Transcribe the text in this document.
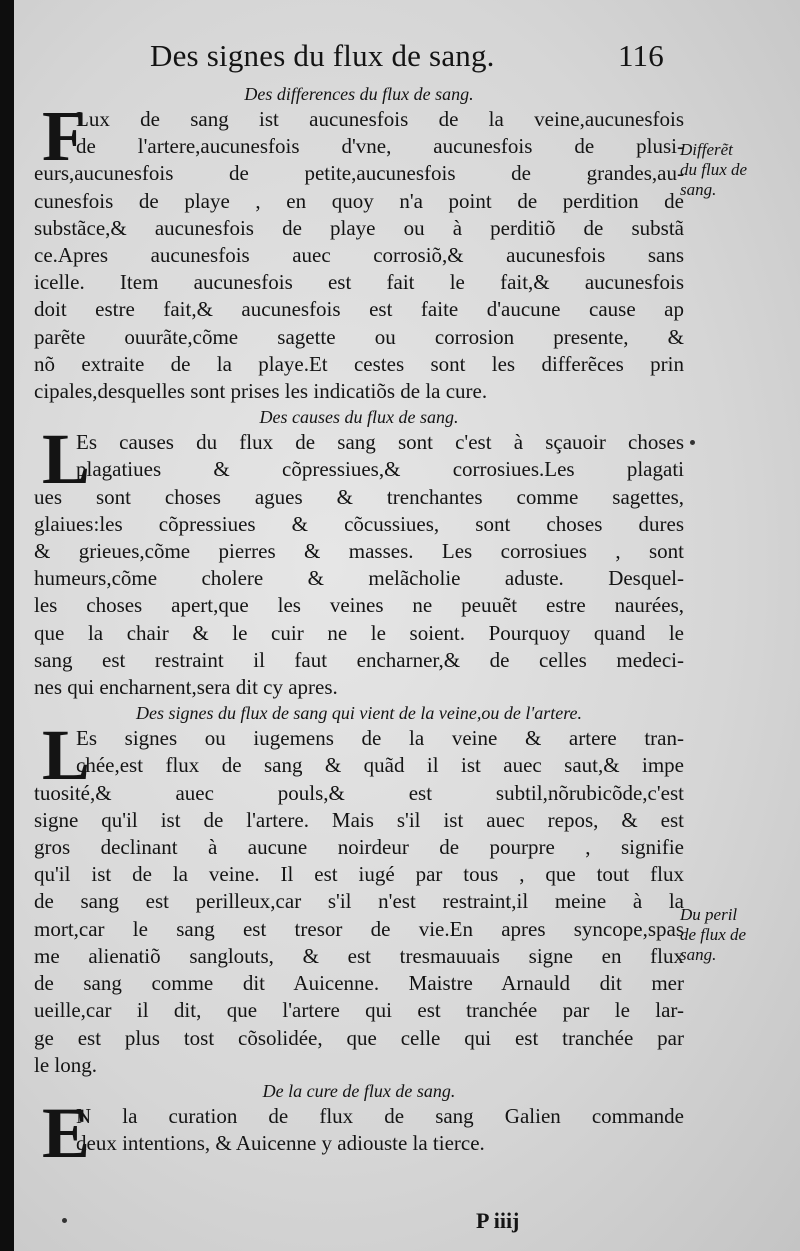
Des signes du flux de sang.	116
Des differences du flux de sang.
F
Lux de sang ist aucunesfois de la veine,aucunesfois
de l'artere,aucunesfois d'vne, aucunesfois de plusi-
eurs,aucunesfois de petite,aucunesfois de grandes,au-
cunesfois de playe , en quoy n'a point de perdition de
substãce,& aucunesfois de playe ou à perditiõ de substã
ce.Apres aucunesfois auec corrosiõ,& aucunesfois sans
icelle. Item aucunesfois est fait le fait,& aucunesfois
doit estre fait,& aucunesfois est faite d'aucune cause ap
parẽte ouurãte,cõme sagette ou corrosion presente, &
nõ extraite de la playe.Et cestes sont les differẽces prin
cipales,desquelles sont prises les indicatiõs de la cure.
Des causes du flux de sang.
L
Es causes du flux de sang sont c'est à sçauoir choses
plagatiues & cõpressiues,& corrosiues.Les plagati
ues sont choses agues & trenchantes comme sagettes,
glaiues:les cõpressiues & cõcussiues, sont choses dures
& grieues,cõme pierres & masses. Les corrosiues , sont
humeurs,cõme cholere & melãcholie aduste. Desquel-
les choses apert,que les veines ne peuuẽt estre naurées,
que la chair & le cuir ne le soient. Pourquoy quand le
sang est restraint il faut encharner,& de celles medeci-
nes qui encharnent,sera dit cy apres.
Des signes du flux de sang qui vient de la veine,ou de l'artere.
L
Es signes ou iugemens de la veine & artere tran-
chée,est flux de sang & quãd il ist auec saut,& impe
tuosité,& auec pouls,& est subtil,nõrubicõde,c'est
signe qu'il ist de l'artere. Mais s'il ist auec repos, & est
gros declinant à aucune noirdeur de pourpre , signifie
qu'il ist de la veine. Il est iugé par tous , que tout flux
de sang est perilleux,car s'il n'est restraint,il meine à la
mort,car le sang est tresor de vie.En apres syncope,spas
me alienatiõ sanglouts, & est tresmauuais signe en flux
de sang comme dit Auicenne. Maistre Arnauld dit mer
ueille,car il dit, que l'artere qui est tranchée par le lar-
ge est plus tost cõsolidée, que celle qui est tranchée par
le long.
De la cure de flux de sang.
E
N la curation de flux de sang Galien commande
deux intentions, & Auicenne y adiouste la tierce.
Differẽt
du flux de
sang.
Du peril
de flux de
sang.
P iiij
